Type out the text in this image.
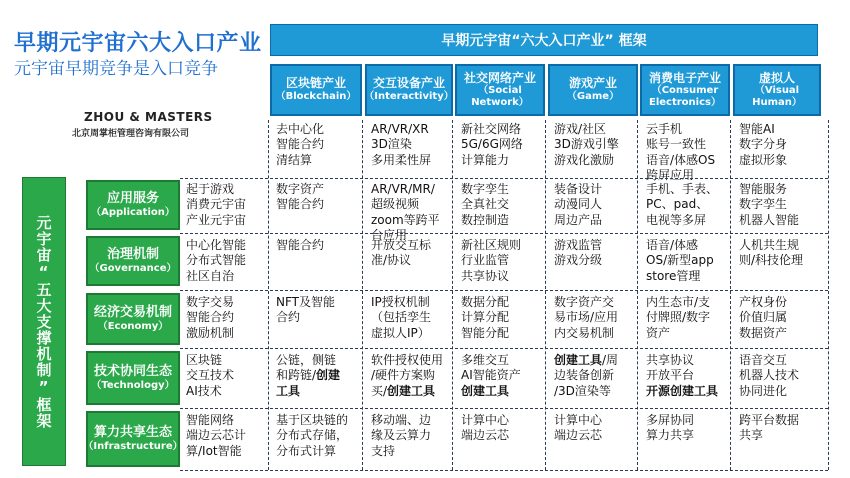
早期元宇宙六大入口产业
元宇宙早期竞争是入口竞争
ZHOU & MASTERS
北京周掌柜管理咨询有限公司
早期元宇宙“六大入口产业” 框架
元宇宙“五大支撑机制”框架
区块链产业
（Blockchain）
交互设备产业
（Interactivity）
社交网络产业
（Social Network）
游戏产业
（Game）
消费电子产业
（Consumer Electronics）
虚拟人
（Visual Human）
去中心化
智能合约
清结算
AR/VR/XR
3D渲染
多用柔性屏
新社交网络
5G/6G网络
计算能力
游戏/社区
3D游戏引擎
游戏化激励
云手机
账号一致性
语音/体感OS
跨屏应用
智能AI
数字分身
虚拟形象
应用服务
（Application）
起于游戏
消费元宇宙
产业元宇宙
数字资产
智能合约
AR/VR/MR/
超级视频
zoom等跨平
台应用
数字孪生
全真社交
数控制造
装备设计
动漫同人
周边产品
手机、手表、
PC、pad、
电视等多屏
智能服务
数字孪生
机器人智能
治理机制
（Governance）
中心化智能
分布式智能
社区自治
智能合约	开放交互标
准/协议
新社区规则
行业监管
共享协议
游戏监管
游戏分级
语音/体感
OS/新型app
store管理
人机共生规
则/科技伦理
经济交易机制
（Economy）
数字交易
智能合约
激励机制
NFT及智能
合约
IP授权机制
（包括孪生
虚拟人IP）
数据分配
计算分配
智能分配
数字资产交
易市场/应用
内交易机制
内生态市/支
付牌照/数字
资产
产权身份
价值归属
数据资产
技术协同生态
（Technology）
区块链
交互技术
AI技术
公链，侧链
和跨链/创建
工具
软件授权使用
/硬件方案购
买/创建工具
多维交互
AI智能资产
创建工具
创建工具/周
边装备创新
/3D渲染等
共享协议
开放平台
开源创建工具
语音交互
机器人技术
协同进化
算力共享生态
（Infrastructure）
智能网络
端边云芯计
算/Iot智能
基于区块链的
分布式存储，
分布式计算
移动端、边
缘及云算力
支持
计算中心
端边云芯
计算中心
端边云芯
多屏协同
算力共享
跨平台数据
共享
